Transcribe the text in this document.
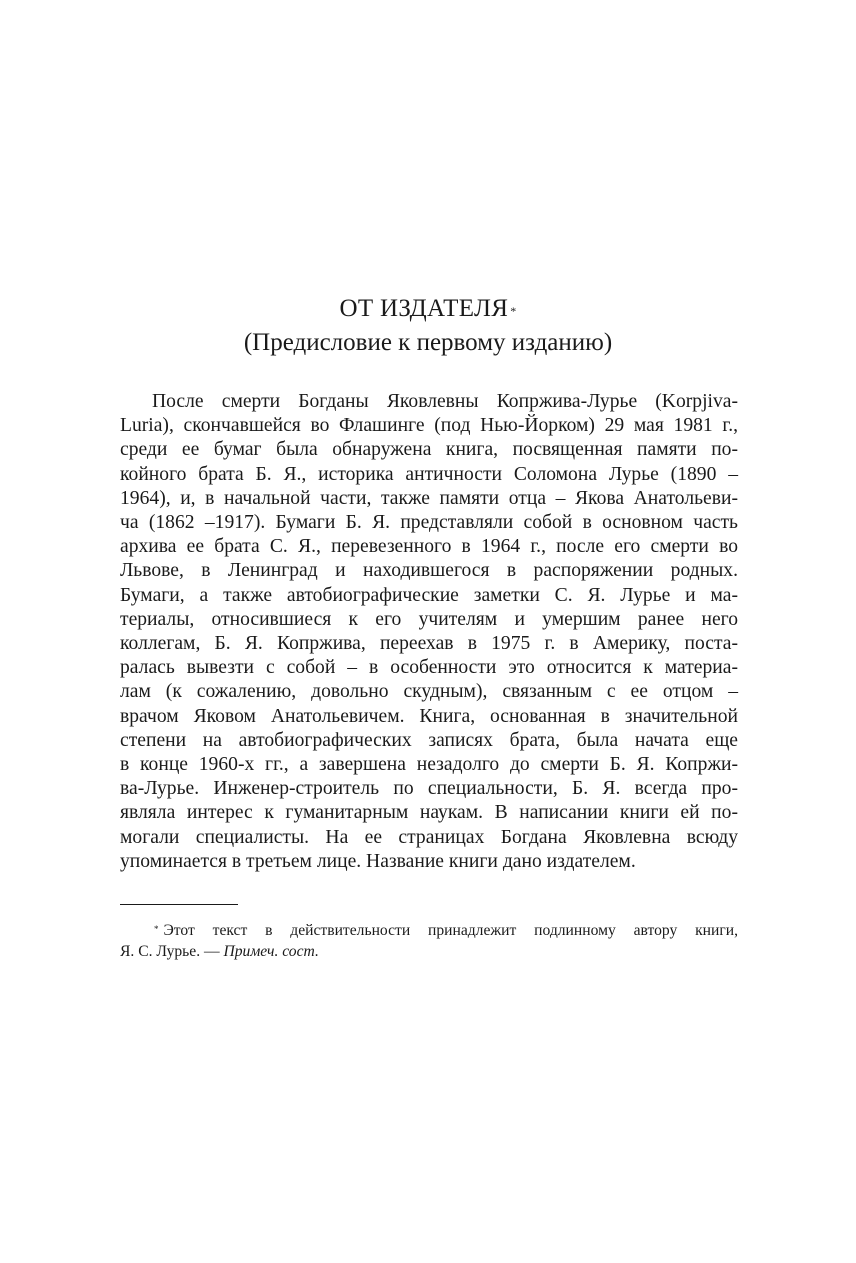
ОТ ИЗДАТЕЛЯ *
(Предисловие к первому изданию)
После смерти Богданы Яковлевны Копржива-Лурье (Korpjiva-
Luria), скончавшейся во Флашинге (под Нью-Йорком) 29 мая 1981 г.,
среди ее бумаг была обнаружена книга, посвященная памяти по-
койного брата Б. Я., историка античности Соломона Лурье (1890 –
1964), и, в начальной части, также памяти отца – Якова Анатольеви-
ча (1862 –1917). Бумаги Б. Я. представляли собой в основном часть
архива ее брата С. Я., перевезенного в 1964 г., после его смерти во
Львове, в Ленинград и находившегося в распоряжении родных.
Бумаги, а также автобиографические заметки С. Я. Лурье и ма-
териалы, относившиеся к его учителям и умершим ранее него
коллегам, Б. Я. Копржива, переехав в 1975 г. в Америку, поста-
ралась вывезти с собой – в особенности это относится к материа-
лам (к сожалению, довольно скудным), связанным с ее отцом –
врачом Яковом Анатольевичем. Книга, основанная в значительной
степени на автобиографических записях брата, была начата еще
в конце 1960-х гг., а завершена незадолго до смерти Б. Я. Копржи-
ва-Лурье. Инженер-строитель по специальности, Б. Я. всегда про-
являла интерес к гуманитарным наукам. В написании книги ей по-
могали специалисты. На ее страницах Богдана Яковлевна всюду
упоминается в третьем лице. Название книги дано издателем.
* Этот текст в действительности принадлежит подлинному автору книги,
Я. С. Лурье. — Примеч. сост.
